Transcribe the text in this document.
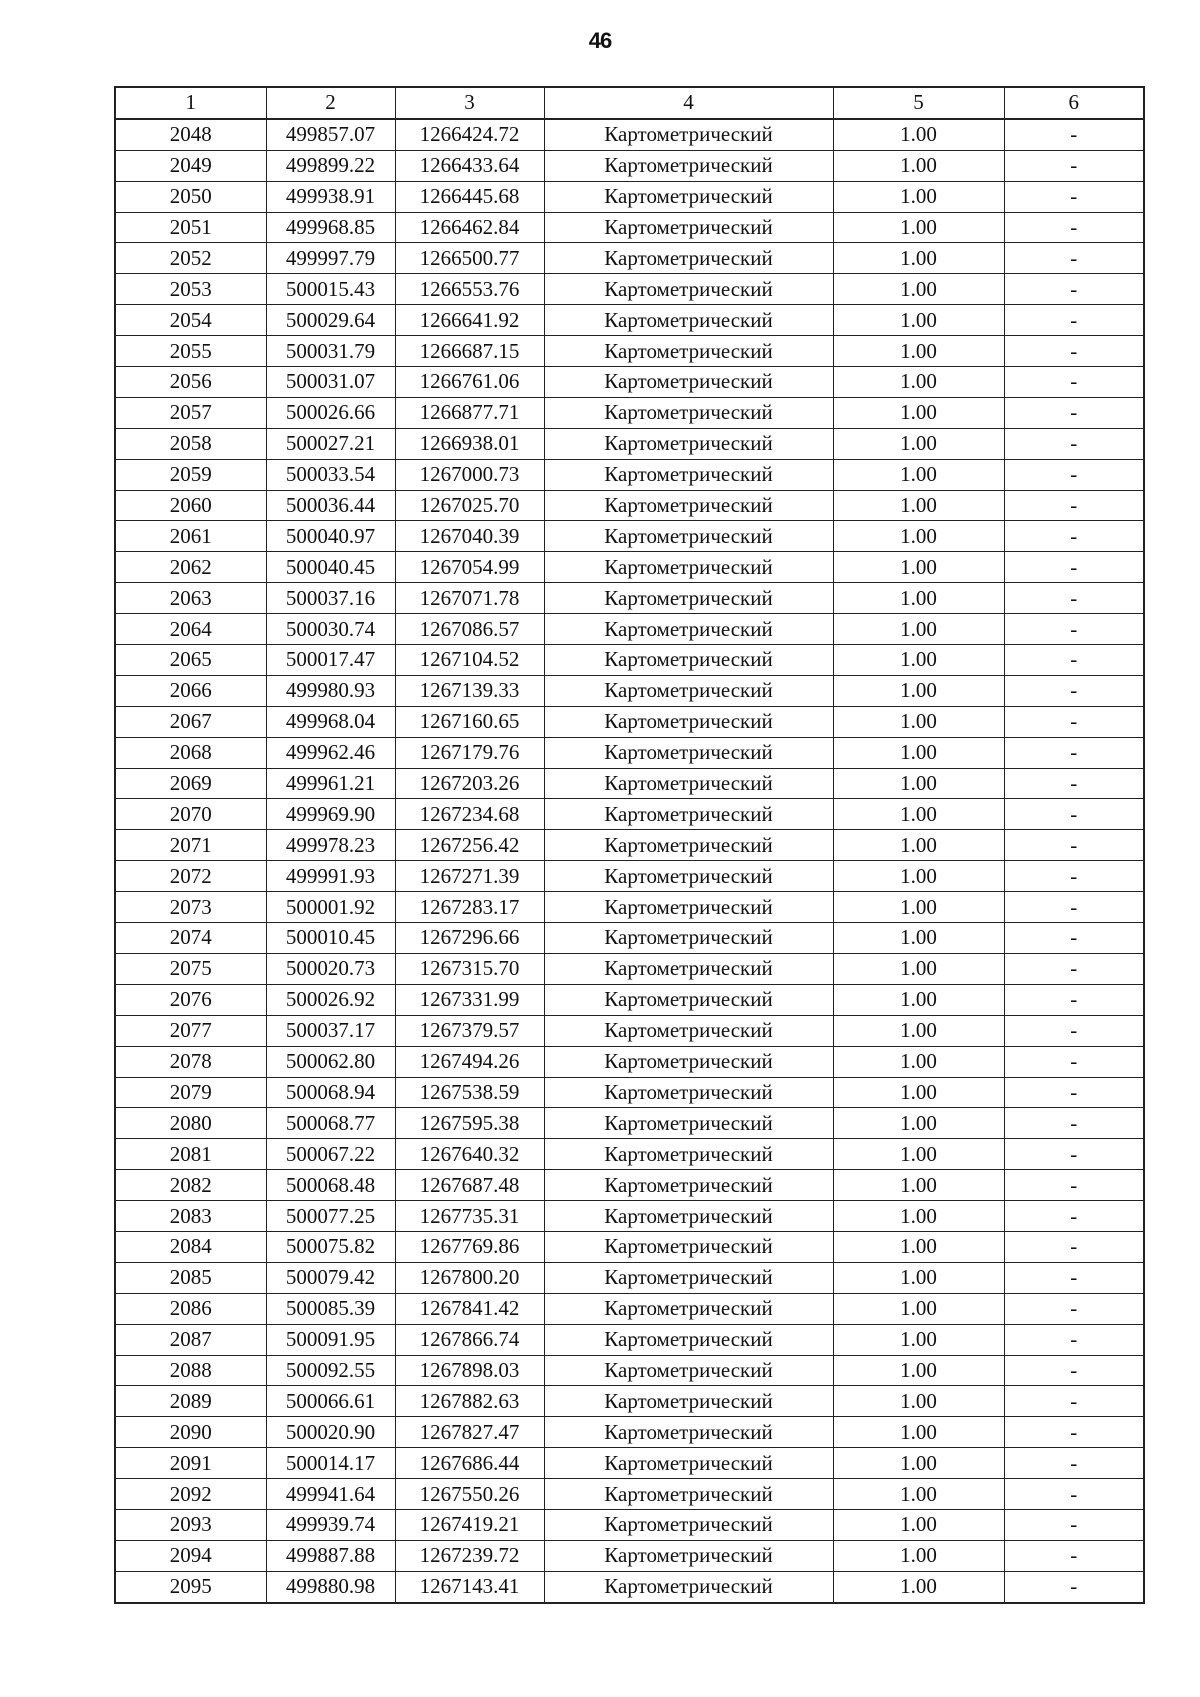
46
1	2	3	4	5	6
2048	499857.07	1266424.72	Картометрический	1.00	-
2049	499899.22	1266433.64	Картометрический	1.00	-
2050	499938.91	1266445.68	Картометрический	1.00	-
2051	499968.85	1266462.84	Картометрический	1.00	-
2052	499997.79	1266500.77	Картометрический	1.00	-
2053	500015.43	1266553.76	Картометрический	1.00	-
2054	500029.64	1266641.92	Картометрический	1.00	-
2055	500031.79	1266687.15	Картометрический	1.00	-
2056	500031.07	1266761.06	Картометрический	1.00	-
2057	500026.66	1266877.71	Картометрический	1.00	-
2058	500027.21	1266938.01	Картометрический	1.00	-
2059	500033.54	1267000.73	Картометрический	1.00	-
2060	500036.44	1267025.70	Картометрический	1.00	-
2061	500040.97	1267040.39	Картометрический	1.00	-
2062	500040.45	1267054.99	Картометрический	1.00	-
2063	500037.16	1267071.78	Картометрический	1.00	-
2064	500030.74	1267086.57	Картометрический	1.00	-
2065	500017.47	1267104.52	Картометрический	1.00	-
2066	499980.93	1267139.33	Картометрический	1.00	-
2067	499968.04	1267160.65	Картометрический	1.00	-
2068	499962.46	1267179.76	Картометрический	1.00	-
2069	499961.21	1267203.26	Картометрический	1.00	-
2070	499969.90	1267234.68	Картометрический	1.00	-
2071	499978.23	1267256.42	Картометрический	1.00	-
2072	499991.93	1267271.39	Картометрический	1.00	-
2073	500001.92	1267283.17	Картометрический	1.00	-
2074	500010.45	1267296.66	Картометрический	1.00	-
2075	500020.73	1267315.70	Картометрический	1.00	-
2076	500026.92	1267331.99	Картометрический	1.00	-
2077	500037.17	1267379.57	Картометрический	1.00	-
2078	500062.80	1267494.26	Картометрический	1.00	-
2079	500068.94	1267538.59	Картометрический	1.00	-
2080	500068.77	1267595.38	Картометрический	1.00	-
2081	500067.22	1267640.32	Картометрический	1.00	-
2082	500068.48	1267687.48	Картометрический	1.00	-
2083	500077.25	1267735.31	Картометрический	1.00	-
2084	500075.82	1267769.86	Картометрический	1.00	-
2085	500079.42	1267800.20	Картометрический	1.00	-
2086	500085.39	1267841.42	Картометрический	1.00	-
2087	500091.95	1267866.74	Картометрический	1.00	-
2088	500092.55	1267898.03	Картометрический	1.00	-
2089	500066.61	1267882.63	Картометрический	1.00	-
2090	500020.90	1267827.47	Картометрический	1.00	-
2091	500014.17	1267686.44	Картометрический	1.00	-
2092	499941.64	1267550.26	Картометрический	1.00	-
2093	499939.74	1267419.21	Картометрический	1.00	-
2094	499887.88	1267239.72	Картометрический	1.00	-
2095	499880.98	1267143.41	Картометрический	1.00	-
